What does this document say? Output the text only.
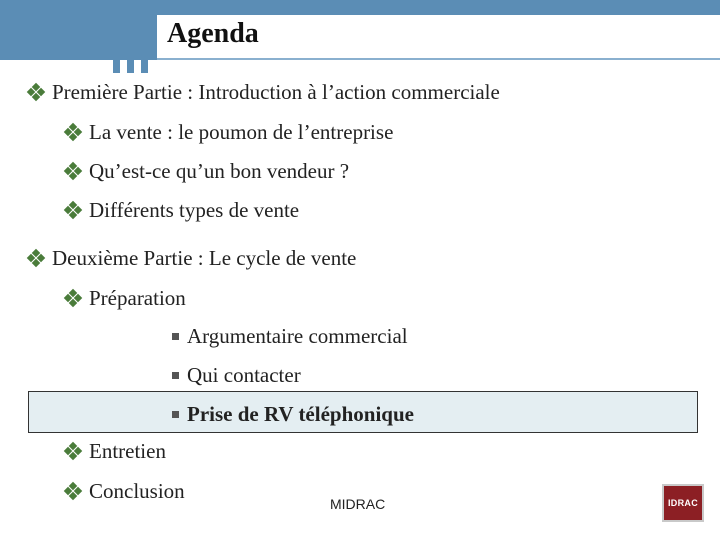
Agenda
Première Partie : Introduction à l’action commerciale
La vente : le poumon de l’entreprise
Qu’est-ce qu’un bon vendeur ?
Différents types de vente
Deuxième Partie : Le cycle de vente
Préparation
Argumentaire commercial
Qui contacter
Prise de RV téléphonique
Entretien
Conclusion
MIDRAC	IDRAC
